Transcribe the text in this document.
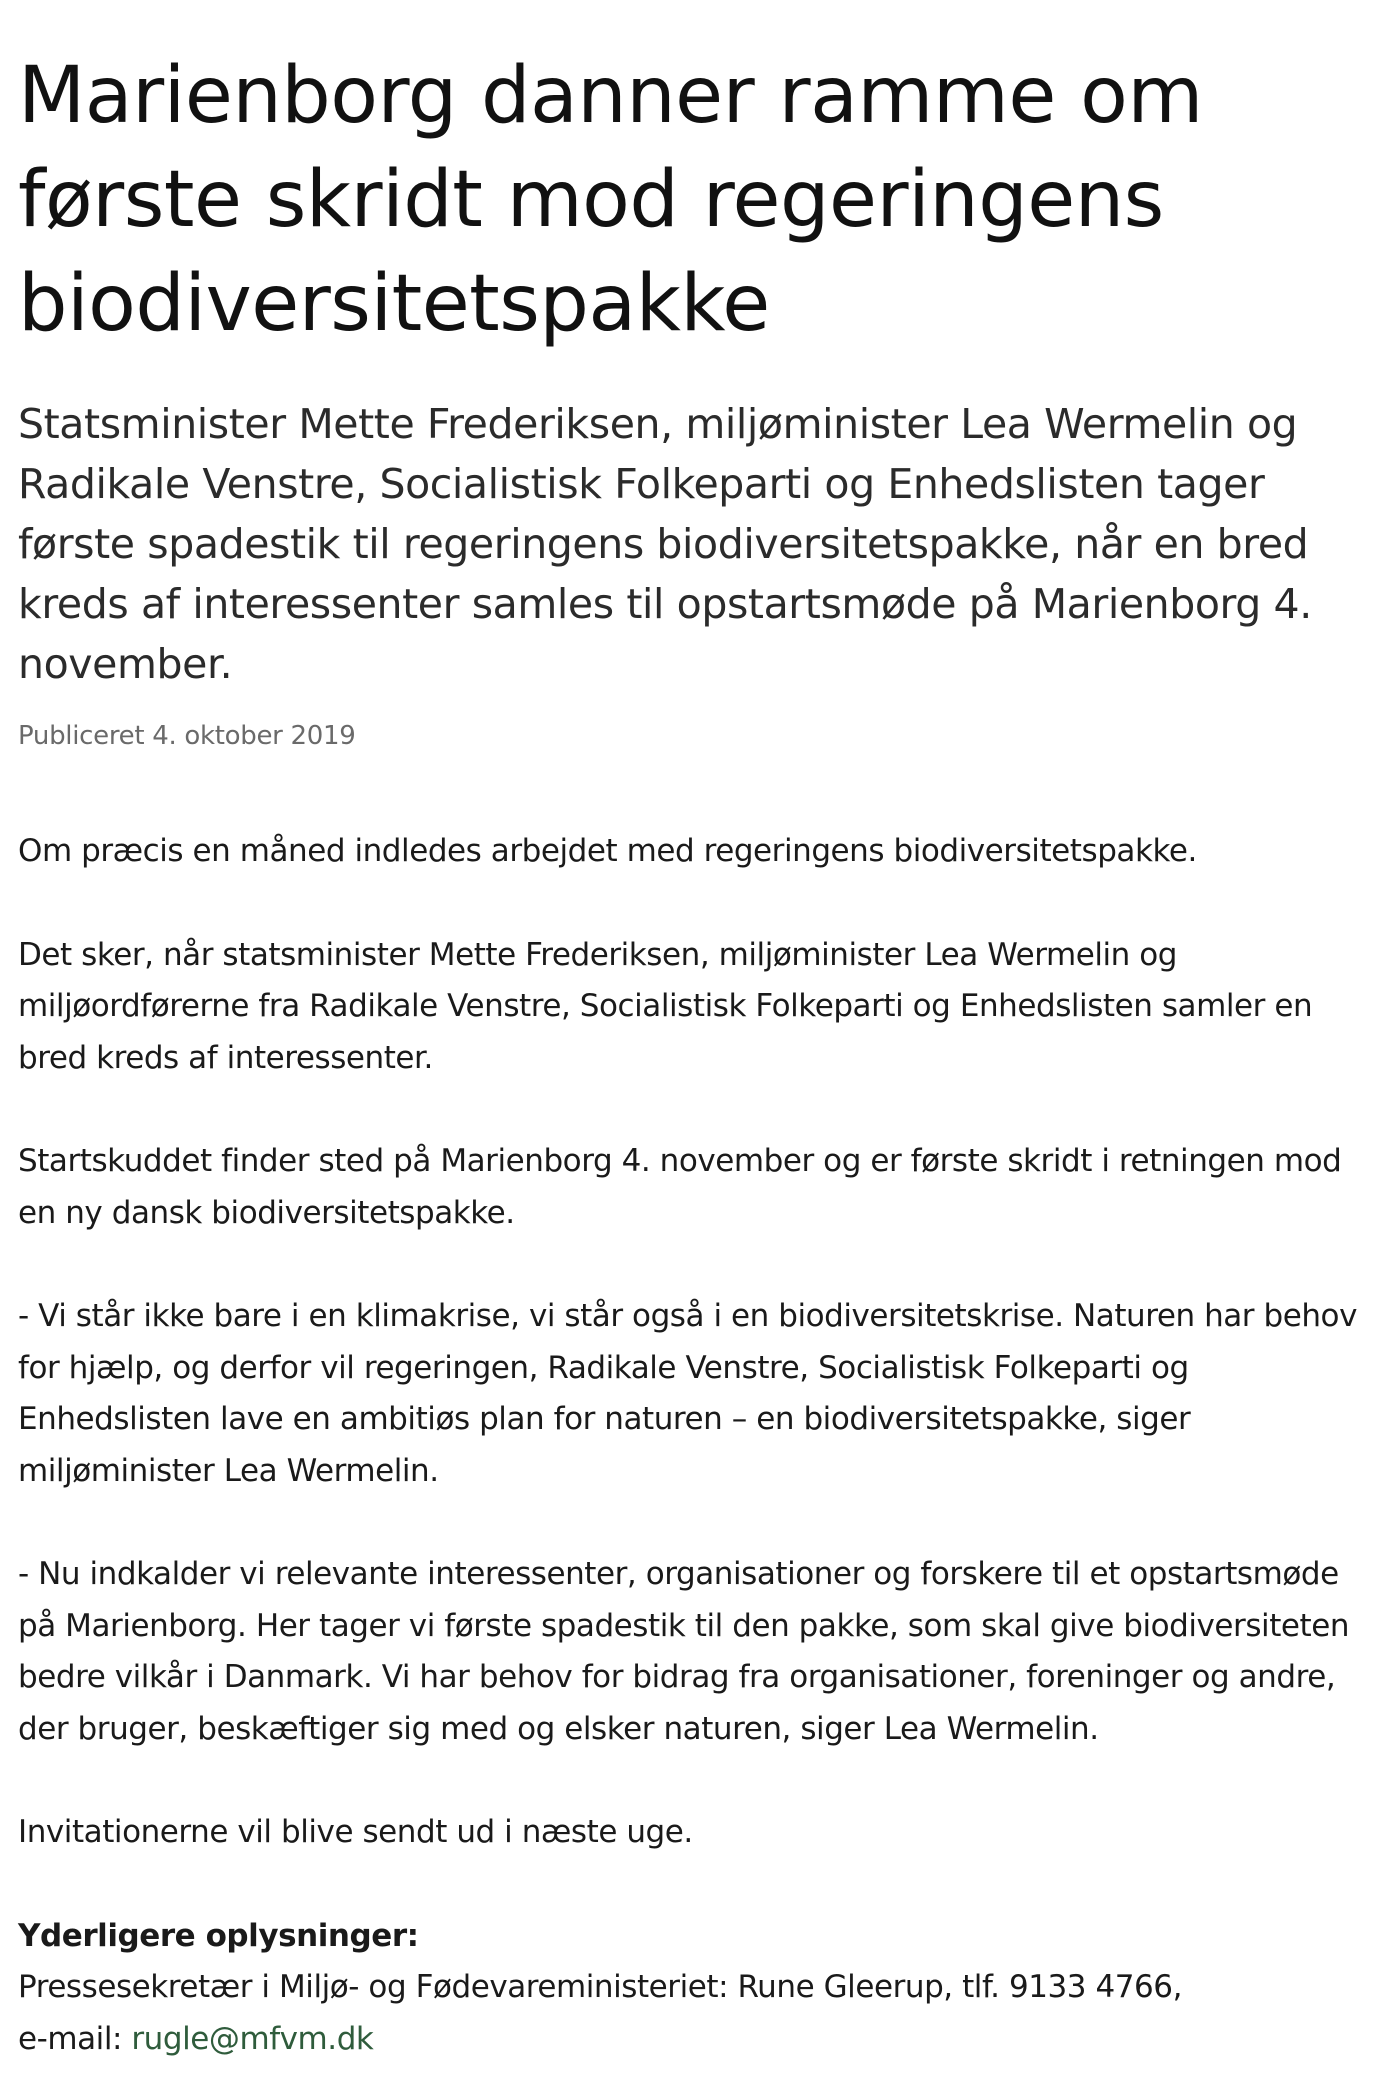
Marienborg danner ramme om første skridt mod regeringens biodiversitetspakke

Statsminister Mette Frederiksen, miljøminister Lea Wermelin og Radikale Venstre, Socialistisk Folkeparti og Enhedslisten tager første spadestik til regeringens biodiversitetspakke, når en bred kreds af interessenter samles til opstartsmøde på Marienborg 4. november.

Publiceret 4. oktober 2019

Om præcis en måned indledes arbejdet med regeringens biodiversitetspakke.

Det sker, når statsminister Mette Frederiksen, miljøminister Lea Wermelin og miljøordførerne fra Radikale Venstre, Socialistisk Folkeparti og Enhedslisten samler en bred kreds af interessenter.

Startskuddet finder sted på Marienborg 4. november og er første skridt i retningen mod en ny dansk biodiversitetspakke.

- Vi står ikke bare i en klimakrise, vi står også i en biodiversitetskrise. Naturen har behov for hjælp, og derfor vil regeringen, Radikale Venstre, Socialistisk Folkeparti og Enhedslisten lave en ambitiøs plan for naturen – en biodiversitetspakke, siger miljøminister Lea Wermelin.

- Nu indkalder vi relevante interessenter, organisationer og forskere til et opstartsmøde på Marienborg. Her tager vi første spadestik til den pakke, som skal give biodiversiteten bedre vilkår i Danmark. Vi har behov for bidrag fra organisationer, foreninger og andre, der bruger, beskæftiger sig med og elsker naturen, siger Lea Wermelin.

Invitationerne vil blive sendt ud i næste uge.

Yderligere oplysninger:
Pressesekretær i Miljø- og Fødevareministeriet: Rune Gleerup, tlf. 9133 4766,
e-mail: rugle@mfvm.dk
